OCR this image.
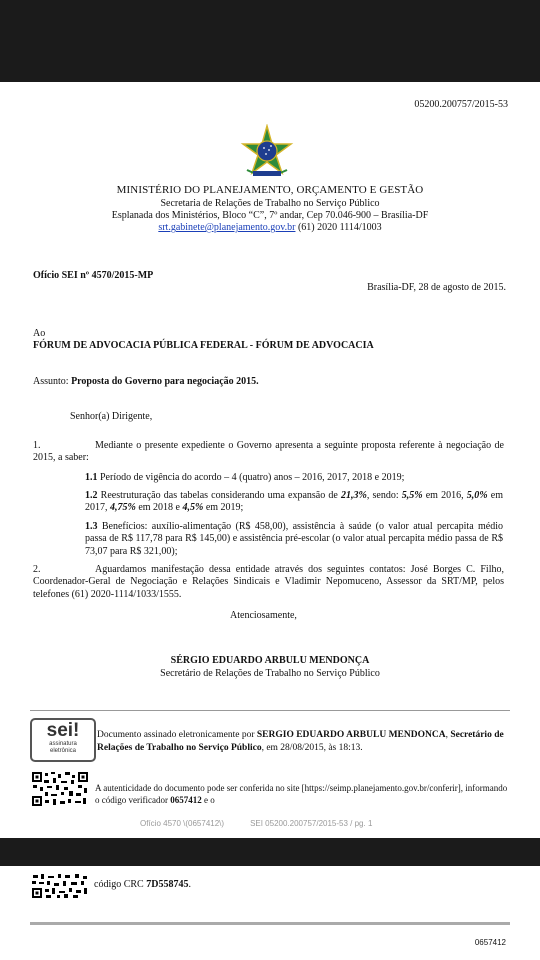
05200.200757/2015-53
MINISTÉRIO DO PLANEJAMENTO, ORÇAMENTO E GESTÃO
Secretaria de Relações de Trabalho no Serviço Público
Esplanada dos Ministérios, Bloco “C”, 7º andar, Cep 70.046-900 – Brasília-DF
srt.gabinete@planejamento.gov.br (61) 2020 1114/1003
Ofício SEI nº 4570/2015-MP
Brasília-DF, 28 de agosto de 2015.
Ao
FÓRUM DE ADVOCACIA PÚBLICA FEDERAL - FÓRUM DE ADVOCACIA
Assunto: Proposta do Governo para negociação 2015.
Senhor(a) Dirigente,
1.	Mediante o presente expediente o Governo apresenta a seguinte proposta referente à negociação de 2015, a saber:
1.1 Período de vigência do acordo – 4 (quatro) anos – 2016, 2017, 2018 e 2019;
1.2 Reestruturação das tabelas considerando uma expansão de 21,3%, sendo: 5,5% em 2016, 5,0% em 2017, 4,75% em 2018 e 4,5% em 2019;
1.3 Benefícios: auxílio-alimentação (R$ 458,00), assistência à saúde (o valor atual percapita médio passa de R$ 117,78 para R$ 145,00) e assistência pré-escolar (o valor atual percapita médio passa de R$ 73,07 para R$ 321,00);
2.	Aguardamos manifestação dessa entidade através dos seguintes contatos: José Borges C. Filho, Coordenador-Geral de Negociação e Relações Sindicais e Vladimir Nepomuceno, Assessor da SRT/MP, pelos telefones (61) 2020-1114/1033/1555.
Atenciosamente,
SÉRGIO EDUARDO ARBULU MENDONÇA
Secretário de Relações de Trabalho no Serviço Público
sei!
assinatura
eletrônica
Documento assinado eletronicamente por SERGIO EDUARDO ARBULU MENDONCA, Secretário de Relações de Trabalho no Serviço Público, em 28/08/2015, às 18:13.
A autenticidade do documento pode ser conferida no site [https://seimp.planejamento.gov.br/conferir], informando o código verificador 0657412 e o
Ofício 4570 \(0657412\)	SEI 05200.200757/2015-53 / pg. 1
código CRC 7D558745.
0657412
